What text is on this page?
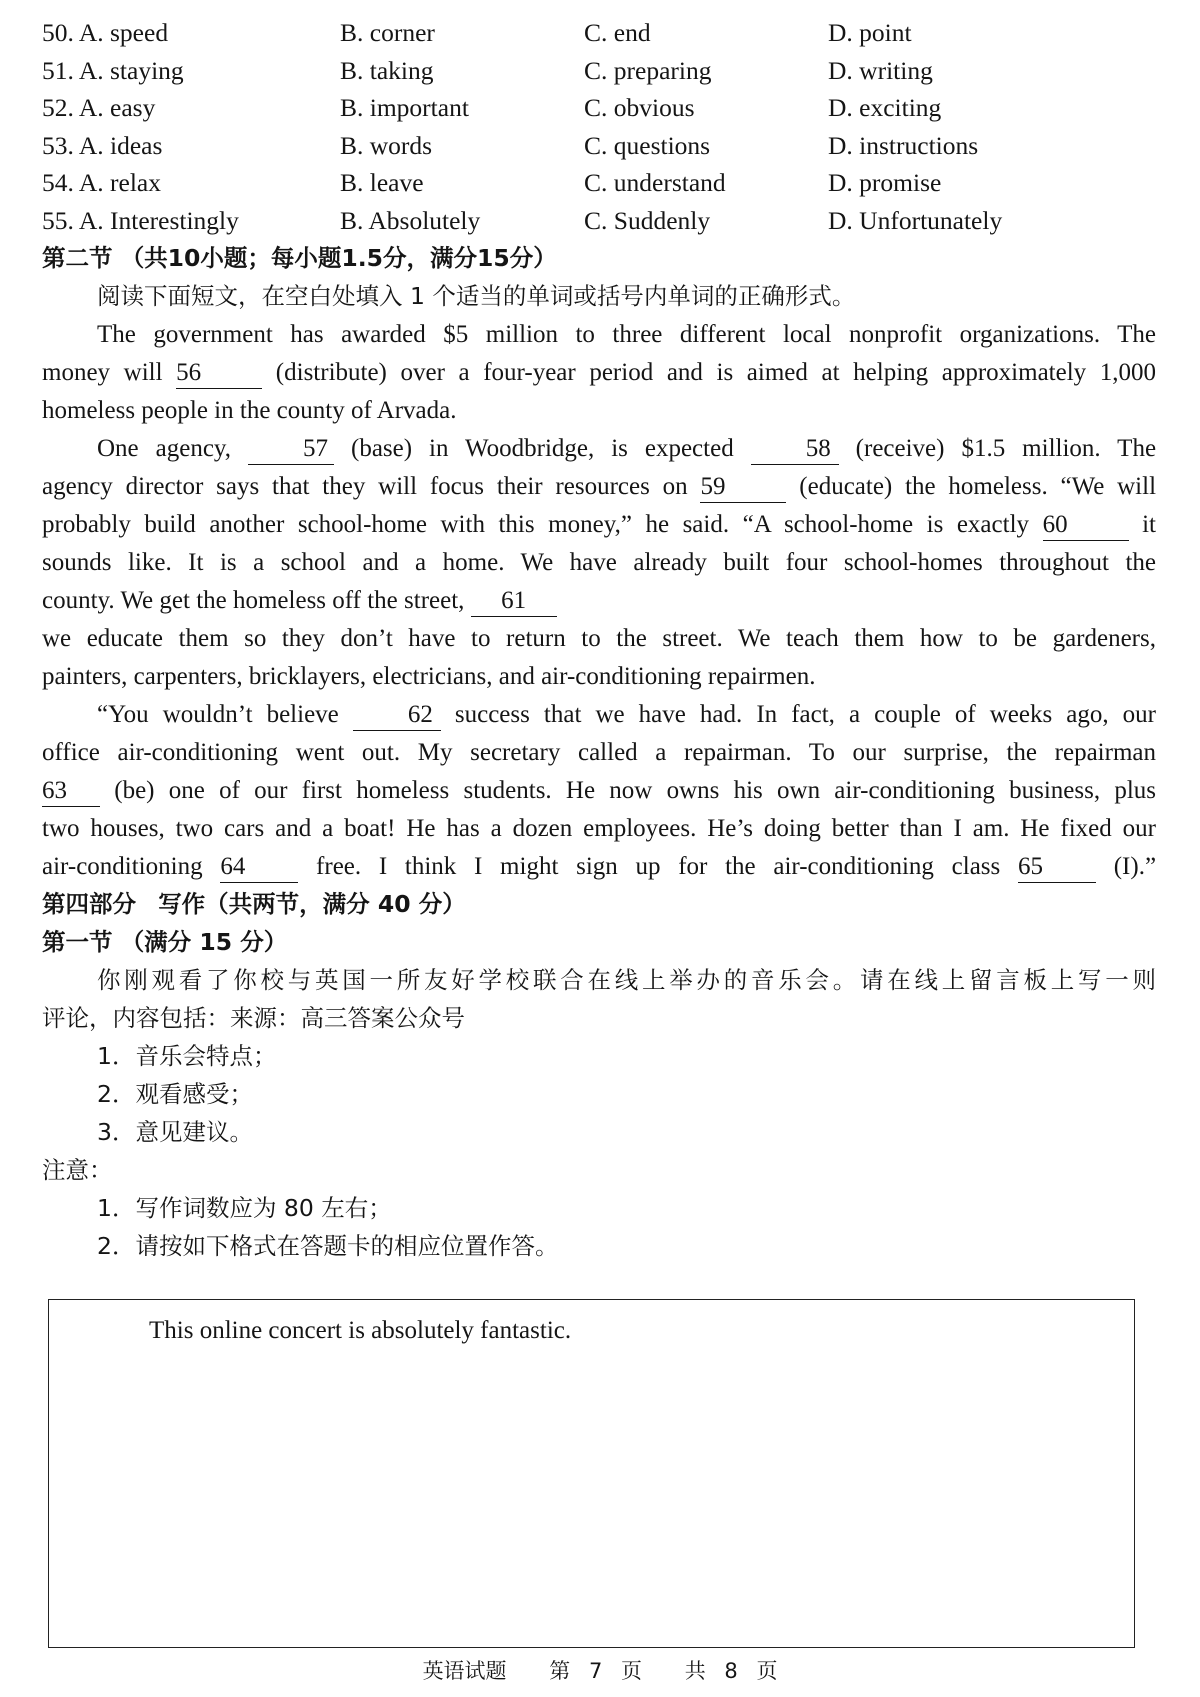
50. A. speed	B. corner	C. end	D. point
51. A. staying	B. taking	C. preparing	D. writing
52. A. easy	B. important	C. obvious	D. exciting
53. A. ideas	B. words	C. questions	D. instructions
54. A. relax	B. leave	C. understand	D. promise
55. A. Interestingly	B. Absolutely	C. Suddenly	D. Unfortunately
第二节 （共10小题；每小题1.5分，满分15分）
阅读下面短文，在空白处填入 1 个适当的单词或括号内单词的正确形式。
The government has awarded $5 million to three different local nonprofit organizations. The
money will 56	(distribute) over a four-year period and is aimed at helping approximately 1,000
homeless people in the county of Arvada.
One agency,	57 (base) in Woodbridge, is expected	58 (receive) $1.5 million. The
agency director says that they will focus their resources on 59	(educate) the homeless. “We will
probably build another school-home with this money,” he said. “A school-home is exactly 60	it
sounds like. It is a school and a home. We have already built four school-homes throughout the
county. We get the homeless off the street, 61
we educate them so they don’t have to return to the street. We teach them how to be gardeners,
painters, carpenters, bricklayers, electricians, and air-conditioning repairmen.
“You wouldn’t believe	62 success that we have had. In fact, a couple of weeks ago, our
office air-conditioning went out. My secretary called a repairman. To our surprise, the repairman
63 (be) one of our first homeless students. He now owns his own air-conditioning business, plus
two houses, two cars and a boat! He has a dozen employees. He’s doing better than I am. He fixed our
air-conditioning 64	free. I think I might sign up for the air-conditioning class 65	(I).”
第四部分 写作（共两节，满分 40 分）
第一节 （满分 15 分）
你刚观看了你校与英国一所友好学校联合在线上举办的音乐会。请在线上留言板上写一则
评论，内容包括：来源：高三答案公众号
1．音乐会特点；
2．观看感受；
3．意见建议。
注意：
1．写作词数应为 80 左右；
2．请按如下格式在答题卡的相应位置作答。
This online concert is absolutely fantastic.
英语试题 第 7 页 共 8 页
